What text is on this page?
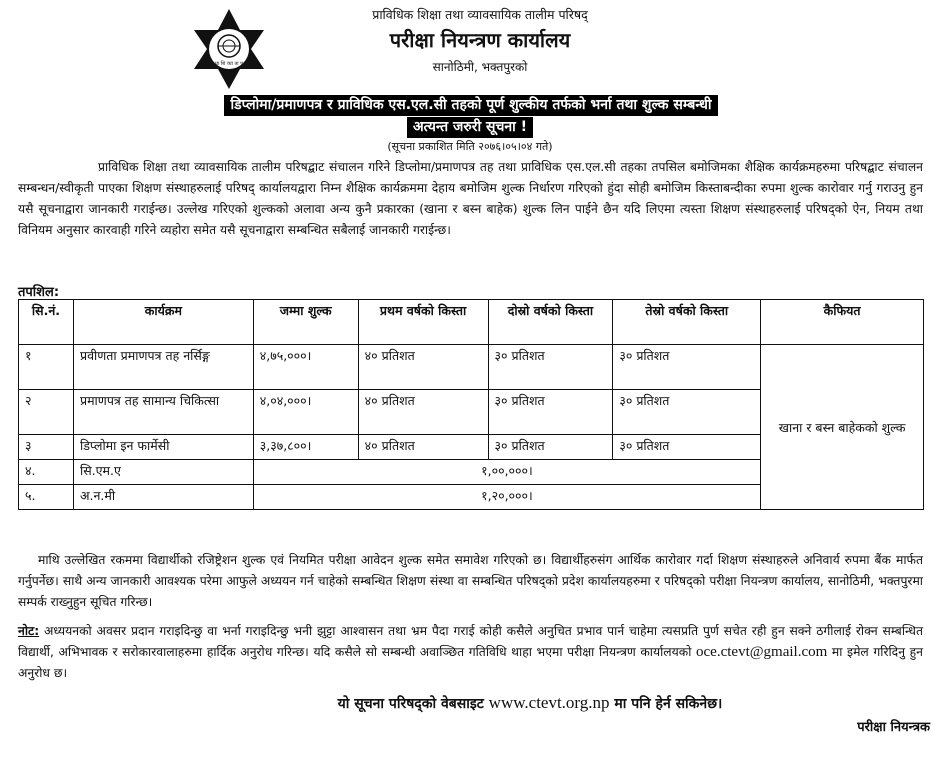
प्रा शि व्या ता प
प्राविधिक शिक्षा तथा व्यावसायिक तालीम परिषद्
परीक्षा नियन्त्रण कार्यालय
सानोठिमी, भक्तपुरको
डिप्लोमा/प्रमाणपत्र र प्राविधिक एस.एल.सी तहको पूर्ण शुल्कीय तर्फको भर्ना तथा शुल्क सम्बन्धी
अत्यन्त जरुरी सूचना !
(सूचना प्रकाशित मिति २०७६।०५।०४ गते)
प्राविधिक शिक्षा तथा व्यावसायिक तालीम परिषद्बाट संचालन गरिने डिप्लोमा/प्रमाणपत्र तह तथा प्राविधिक एस.एल.सी तहका तपसिल बमोजिमका शैक्षिक कार्यक्रमहरुमा परिषद्बाट संचालन सम्बन्धन/स्वीकृती पाएका शिक्षण संस्थाहरुलाई परिषद् कार्यालयद्वारा निम्न शैक्षिक कार्यक्रममा देहाय बमोजिम शुल्क निर्धारण गरिएको हुंदा सोही बमोजिम किस्ताबन्दीका रुपमा शुल्क कारोवार गर्नु गराउनु हुन यसै सूचनाद्वारा जानकारी गराईन्छ। उल्लेख गरिएको शुल्कको अलावा अन्य कुनै प्रकारका (खाना र बस्न बाहेक) शुल्क लिन पाईने छैन यदि लिएमा त्यस्ता शिक्षण संस्थाहरुलाई परिषद्को ऐन, नियम तथा विनियम अनुसार कारवाही गरिने व्यहोरा समेत यसै सूचनाद्वारा सम्बन्धित सबैलाई जानकारी गराईन्छ।
तपशिल:
सि.नं.	कार्यक्रम	जम्मा शुल्क	प्रथम वर्षको किस्ता	दोस्रो वर्षको किस्ता	तेस्रो वर्षको किस्ता	कैफियत
१	प्रवीणता प्रमाणपत्र तह नर्सिङ्ग	४,७५,०००।	४० प्रतिशत	३० प्रतिशत	३० प्रतिशत	खाना र बस्न बाहेकको शुल्क
२	प्रमाणपत्र तह सामान्य चिकित्सा	४,०४,०००।	४० प्रतिशत	३० प्रतिशत	३० प्रतिशत	
३	डिप्लोमा इन फार्मेसी	३,३७,८००।	४० प्रतिशत	३० प्रतिशत	३० प्रतिशत	
४.	सि.एम.ए	१,००,०००।				
५.	अ.न.मी	१,२०,०००।				
माथि उल्लेखित रकममा विद्यार्थीको रजिष्ट्रेशन शुल्क एवं नियमित परीक्षा आवेदन शुल्क समेत समावेश गरिएको छ। विद्यार्थीहरुसंग आर्थिक कारोवार गर्दा शिक्षण संस्थाहरुले अनिवार्य रुपमा बैंक मार्फत गर्नुपर्नेछ। साथै अन्य जानकारी आवश्यक परेमा आफुले अध्ययन गर्न चाहेको सम्बन्धित शिक्षण संस्था वा सम्बन्धित परिषद्को प्रदेश कार्यालयहरुमा र परिषद्को परीक्षा नियन्त्रण कार्यालय, सानोठिमी, भक्तपुरमा सम्पर्क राख्नुहुन सूचित गरिन्छ।
नोट: अध्ययनको अवसर प्रदान गराइदिन्छु वा भर्ना गराइदिन्छु भनी झुट्टा आश्वासन तथा भ्रम पैदा गराई कोही कसैले अनुचित प्रभाव पार्न चाहेमा त्यसप्रति पुर्ण सचेत रही हुन सक्ने ठगीलाई रोक्न सम्बन्धित विद्यार्थी, अभिभावक र सरोकारवालाहरुमा हार्दिक अनुरोध गरिन्छ। यदि कसैले सो सम्बन्धी अवाञ्छित गतिविधि थाहा भएमा परीक्षा नियन्त्रण कार्यालयको oce.ctevt@gmail.com मा इमेल गरिदिनु हुन अनुरोध छ।
यो सूचना परिषद्को वेबसाइट www.ctevt.org.np मा पनि हेर्न सकिनेछ।
परीक्षा नियन्त्रक
